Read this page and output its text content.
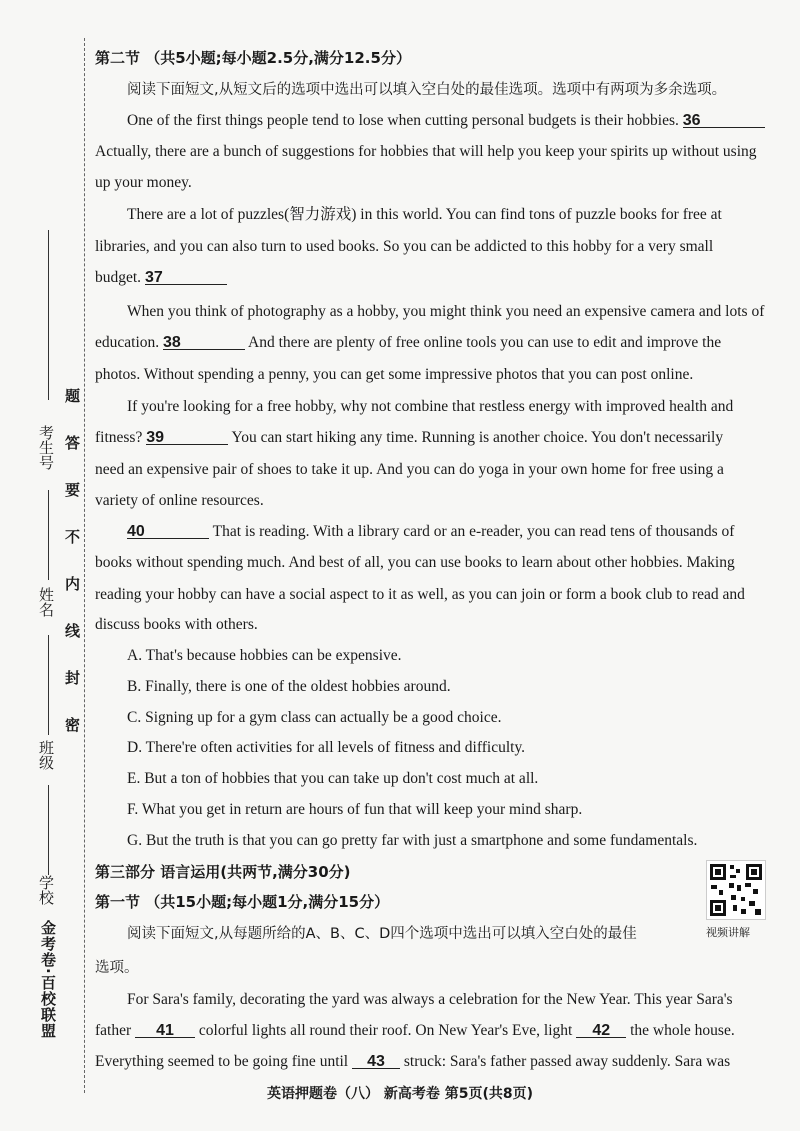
考生号
姓名
班级
学校
题
答
要
不
内
线
封
密
金考卷·百校联盟
第二节 （共5小题;每小题2.5分,满分12.5分）
阅读下面短文,从短文后的选项中选出可以填入空白处的最佳选项。选项中有两项为多余选项。
One of the first things people tend to lose when cutting personal budgets is their hobbies. 36
Actually, there are a bunch of suggestions for hobbies that will help you keep your spirits up without using
up your money.
There are a lot of puzzles(智力游戏) in this world. You can find tons of puzzle books for free at
libraries, and you can also turn to used books. So you can be addicted to this hobby for a very small
budget. 37
When you think of photography as a hobby, you might think you need an expensive camera and lots of
education. 38	And there are plenty of free online tools you can use to edit and improve the
photos. Without spending a penny, you can get some impressive photos that you can post online.
If you're looking for a free hobby, why not combine that restless energy with improved health and
fitness? 39	You can start hiking any time. Running is another choice. You don't necessarily
need an expensive pair of shoes to take it up. And you can do yoga in your own home for free using a
variety of online resources.
40	That is reading. With a library card or an e-reader, you can read tens of thousands of
books without spending much. And best of all, you can use books to learn about other hobbies. Making
reading your hobby can have a social aspect to it as well, as you can join or form a book club to read and
discuss books with others.
A. That's because hobbies can be expensive.
B. Finally, there is one of the oldest hobbies around.
C. Signing up for a gym class can actually be a good choice.
D. There're often activities for all levels of fitness and difficulty.
E. But a ton of hobbies that you can take up don't cost much at all.
F. What you get in return are hours of fun that will keep your mind sharp.
G. But the truth is that you can go pretty far with just a smartphone and some fundamentals.
第三部分 语言运用(共两节,满分30分)
第一节 （共15小题;每小题1分,满分15分）
阅读下面短文,从每题所给的A、B、C、D四个选项中选出可以填入空白处的最佳
选项。
For Sara's family, decorating the yard was always a celebration for the New Year. This year Sara's
father 41 colorful lights all round their roof. On New Year's Eve, light 42 the whole house.
Everything seemed to be going fine until 43 struck: Sara's father passed away suddenly. Sara was
视频讲解
英语押题卷（八） 新高考卷 第5页(共8页)
